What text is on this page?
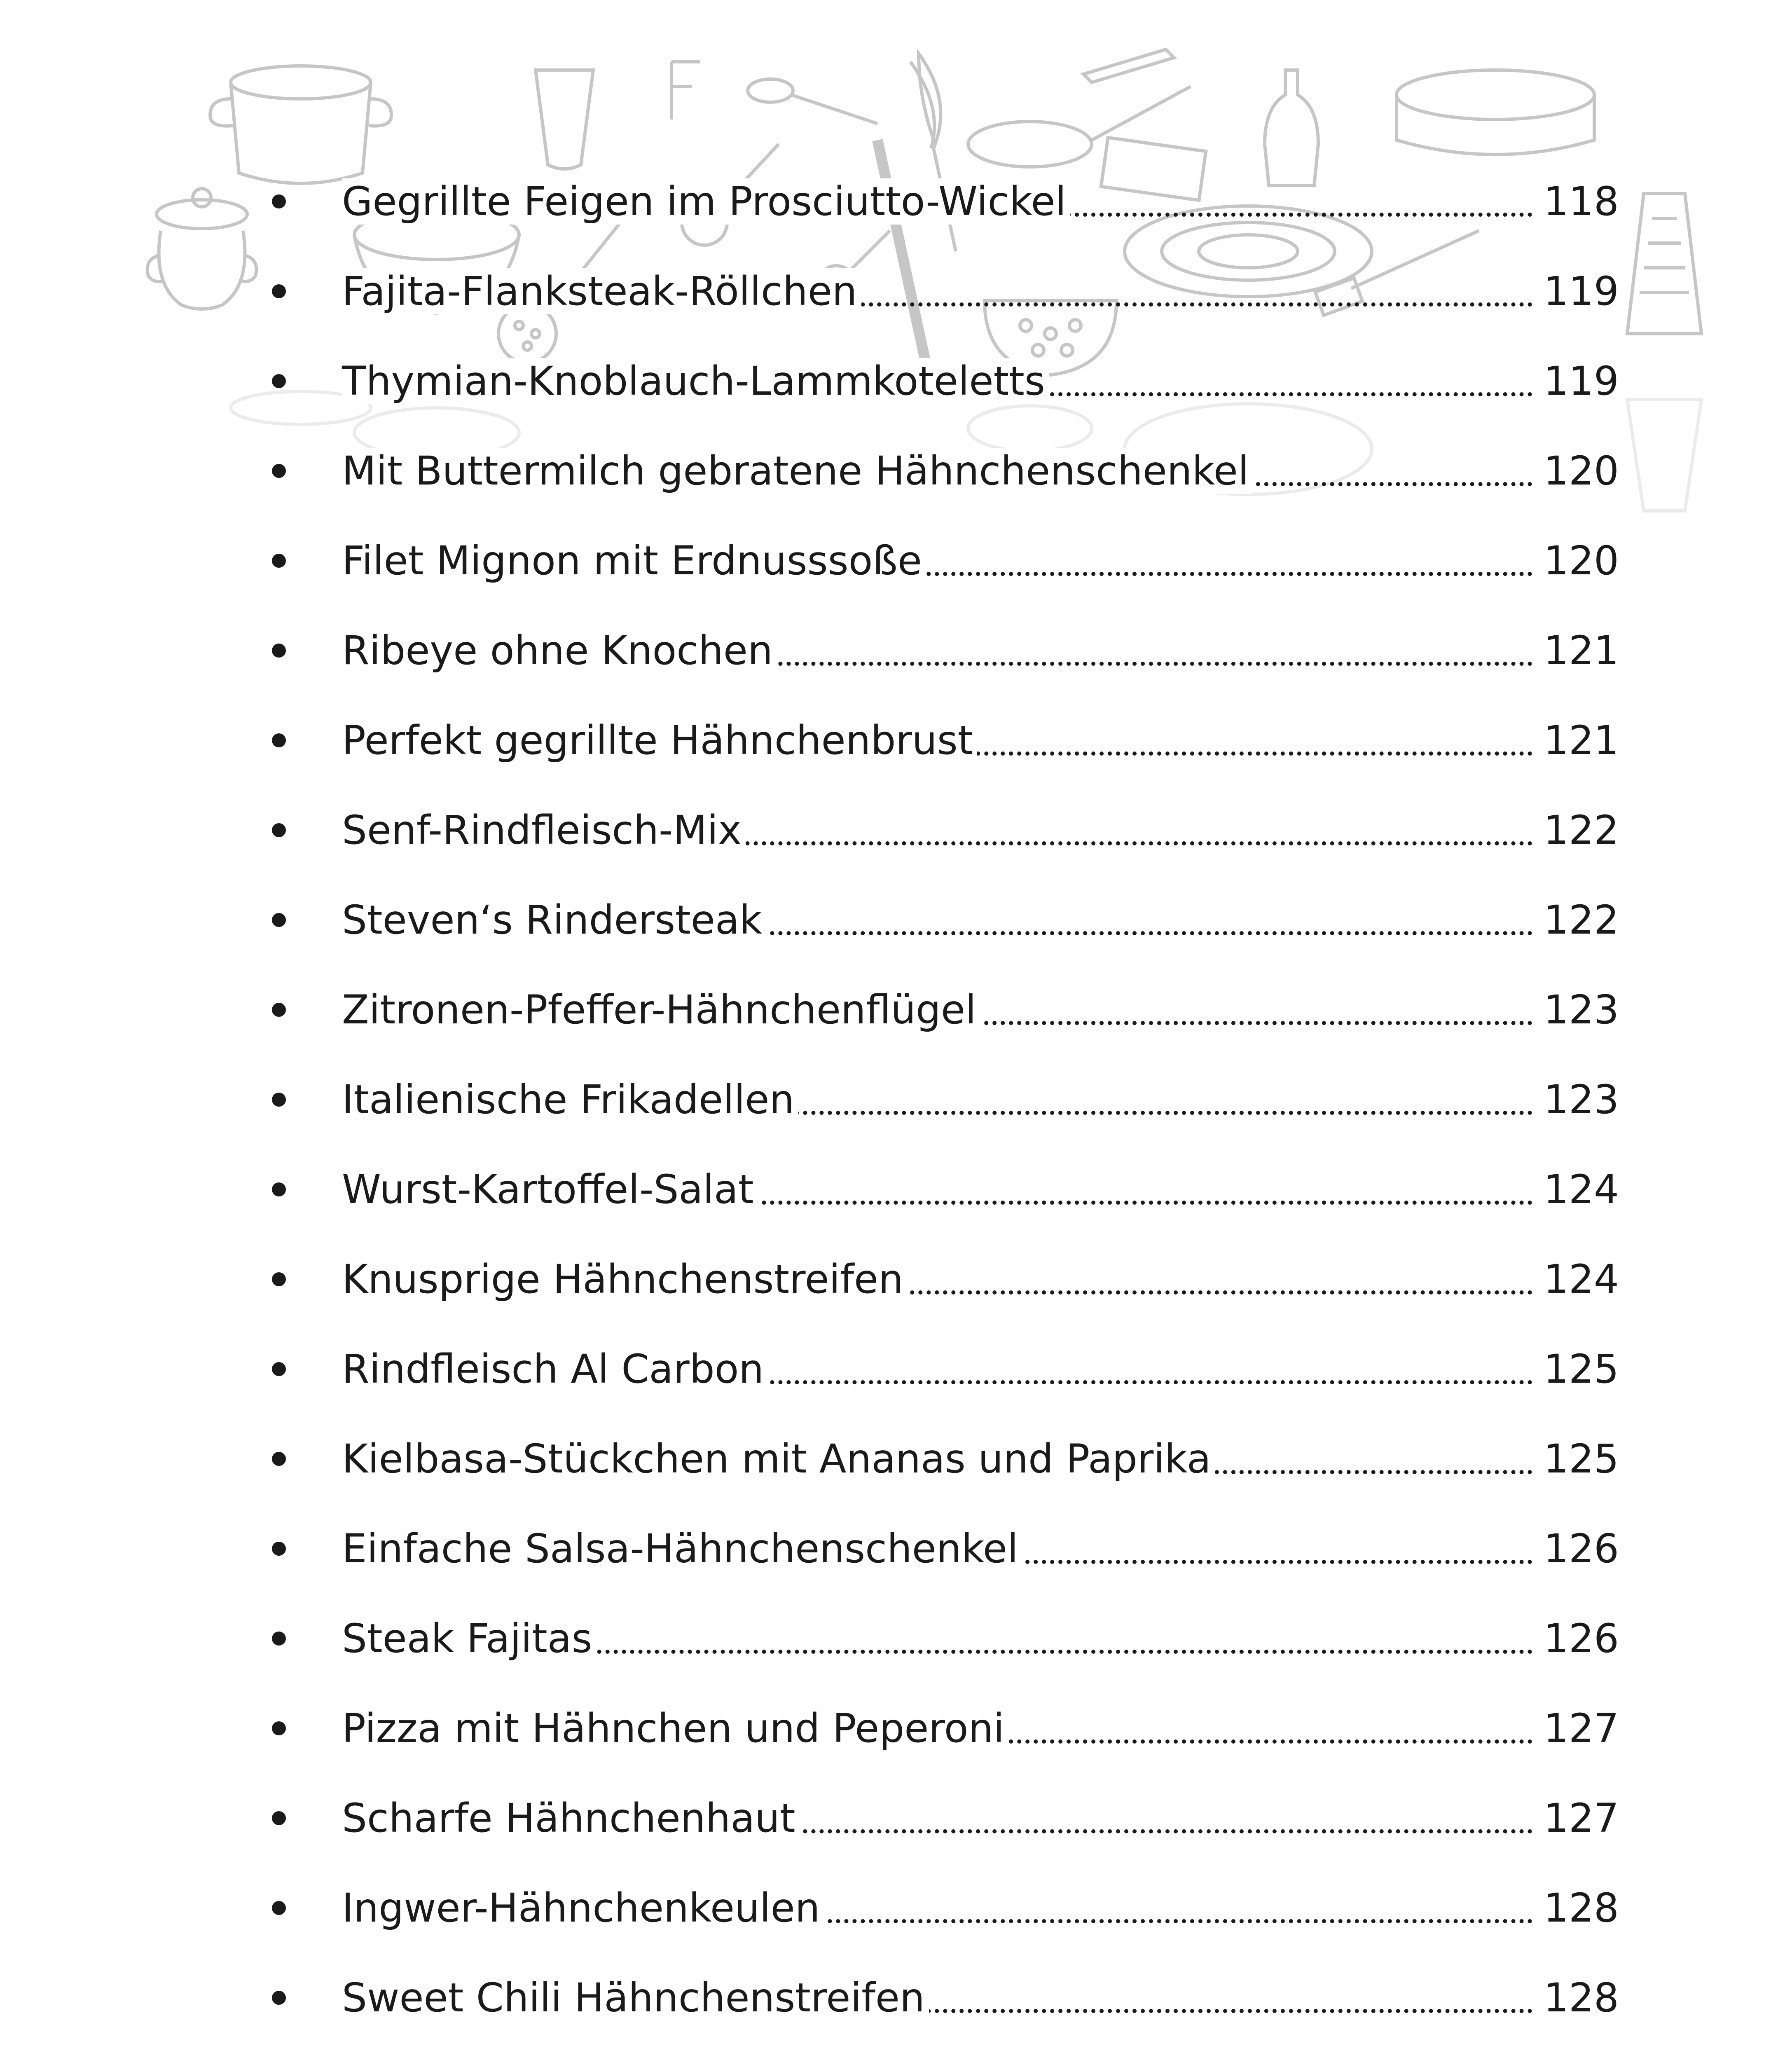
Gegrillte Feigen im Prosciutto-Wickel	118
Fajita-Flanksteak-Röllchen	119
Thymian-Knoblauch-Lammkoteletts	119
Mit Buttermilch gebratene Hähnchenschenkel	120
Filet Mignon mit Erdnusssoße	120
Ribeye ohne Knochen	121
Perfekt gegrillte Hähnchenbrust	121
Senf-Rindfleisch-Mix	122
Steven‘s Rindersteak	122
Zitronen-Pfeffer-Hähnchenflügel	123
Italienische Frikadellen	123
Wurst-Kartoffel-Salat	124
Knusprige Hähnchenstreifen	124
Rindfleisch Al Carbon	125
Kielbasa-Stückchen mit Ananas und Paprika	125
Einfache Salsa-Hähnchenschenkel	126
Steak Fajitas	126
Pizza mit Hähnchen und Peperoni	127
Scharfe Hähnchenhaut	127
Ingwer-Hähnchenkeulen	128
Sweet Chili Hähnchenstreifen	128
